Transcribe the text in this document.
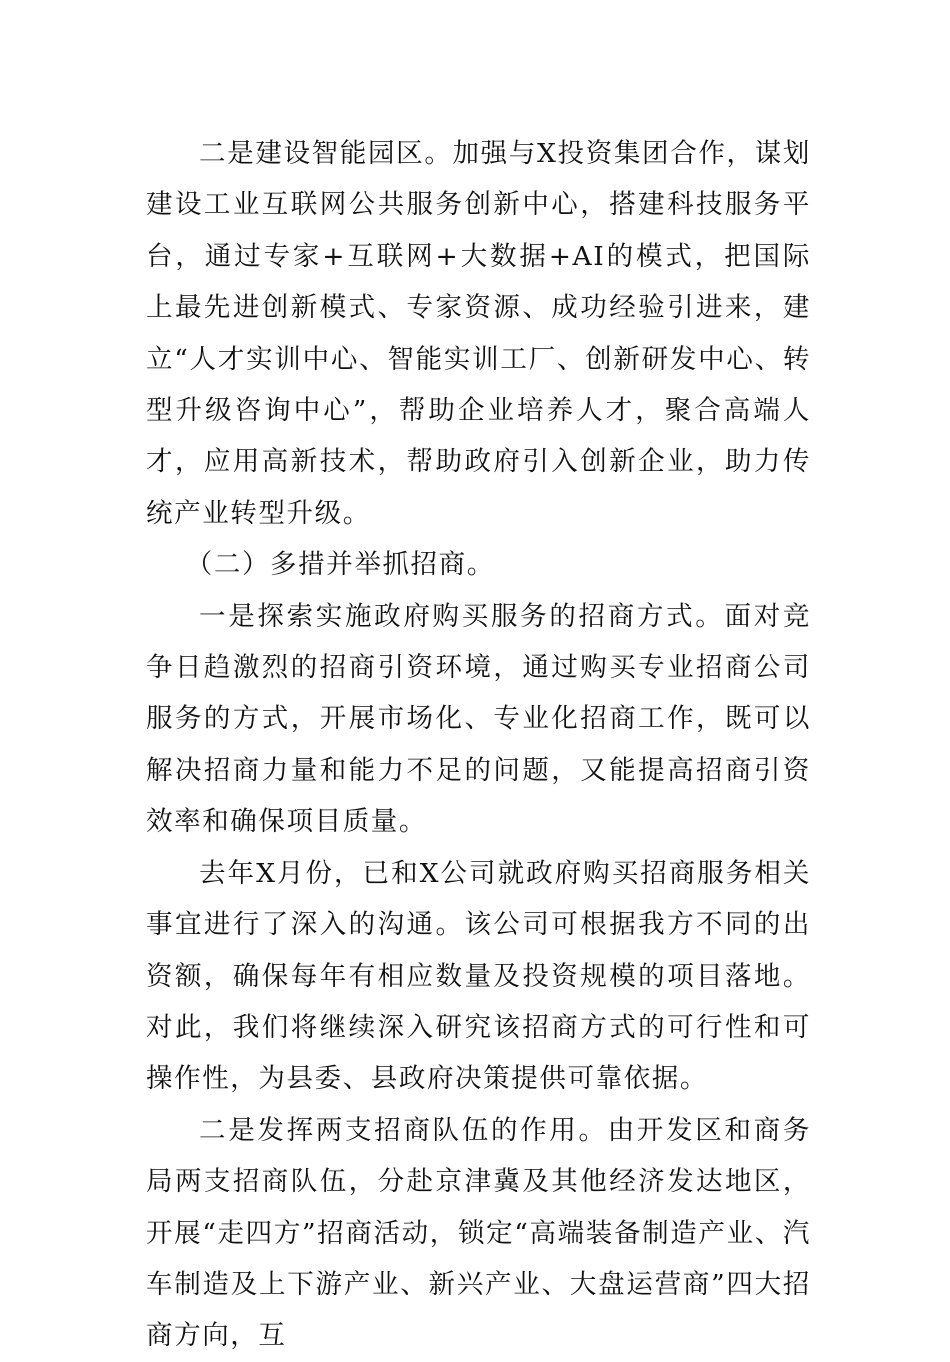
二是建设智能园区。加强与X投资集团合作，谋划建设工业互联网公共服务创新中心，搭建科技服务平台，通过专家+互联网+大数据+AI的模式，把国际上最先进创新模式、专家资源、成功经验引进来，建立“人才实训中心、智能实训工厂、创新研发中心、转型升级咨询中心”，帮助企业培养人才，聚合高端人才，应用高新技术，帮助政府引入创新企业，助力传统产业转型升级。

（二）多措并举抓招商。

一是探索实施政府购买服务的招商方式。面对竞争日趋激烈的招商引资环境，通过购买专业招商公司服务的方式，开展市场化、专业化招商工作，既可以解决招商力量和能力不足的问题，又能提高招商引资效率和确保项目质量。

去年X月份，已和X公司就政府购买招商服务相关事宜进行了深入的沟通。该公司可根据我方不同的出资额，确保每年有相应数量及投资规模的项目落地。对此，我们将继续深入研究该招商方式的可行性和可操作性，为县委、县政府决策提供可靠依据。

二是发挥两支招商队伍的作用。由开发区和商务局两支招商队伍，分赴京津冀及其他经济发达地区，开展“走四方”招商活动，锁定“高端装备制造产业、汽车制造及上下游产业、新兴产业、大盘运营商”四大招商方向，互
